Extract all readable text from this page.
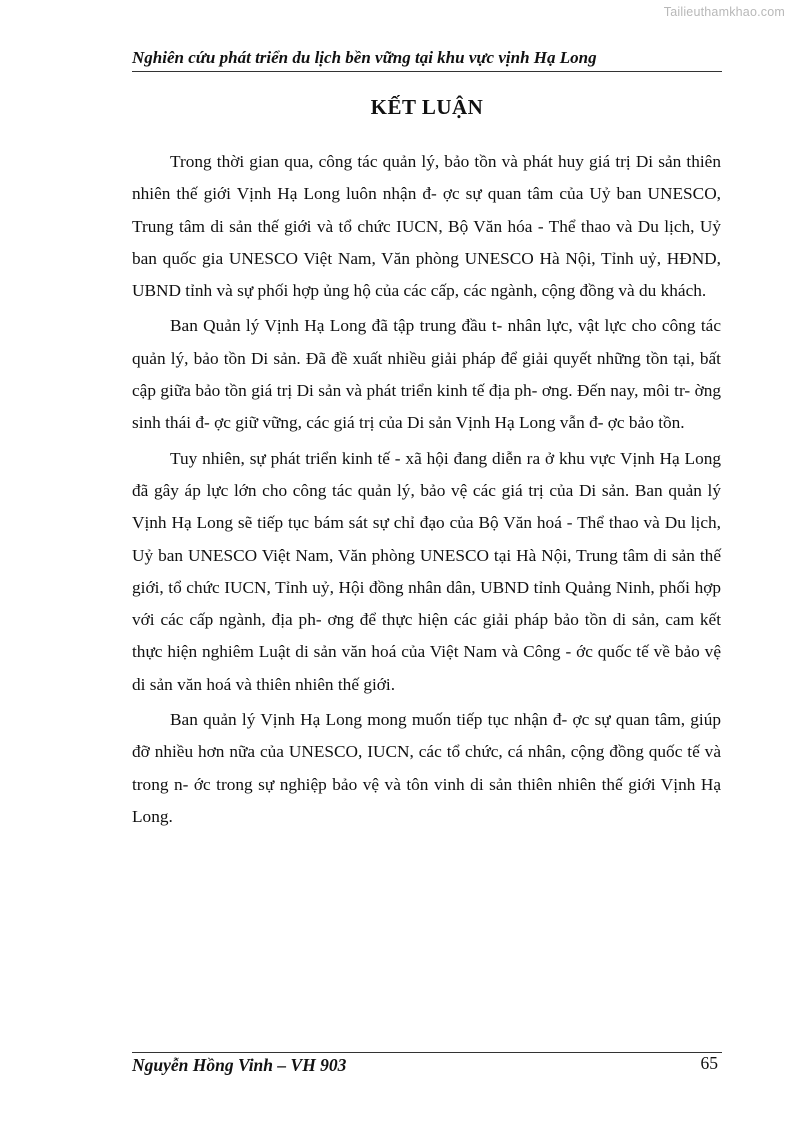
Tailieuthamkhao.com
Nghiên cứu phát triển du lịch bền vững tại khu vực vịnh Hạ Long
KẾT LUẬN

Trong thời gian qua, công tác quản lý, bảo tồn và phát huy giá trị Di sản thiên nhiên thế giới Vịnh Hạ Long luôn nhận đ- ợc sự quan tâm của Uỷ ban UNESCO, Trung tâm di sản thế giới và tổ chức IUCN, Bộ Văn hóa - Thể thao và Du lịch, Uỷ ban quốc gia UNESCO Việt Nam, Văn phòng UNESCO Hà Nội, Tỉnh uỷ, HĐND, UBND tỉnh và sự phối hợp ủng hộ của các cấp, các ngành, cộng đồng và du khách.

Ban Quản lý Vịnh Hạ Long đã tập trung đầu t- nhân lực, vật lực cho công tác quản lý, bảo tồn Di sản. Đã đề xuất nhiều giải pháp để giải quyết những tồn tại, bất cập giữa bảo tồn giá trị Di sản và phát triển kinh tế địa ph- ơng. Đến nay, môi tr- ờng sinh thái đ- ợc giữ vững, các giá trị của Di sản Vịnh Hạ Long vẫn đ- ợc bảo tồn.

Tuy nhiên, sự phát triển kinh tế - xã hội đang diễn ra ở khu vực Vịnh Hạ Long đã gây áp lực lớn cho công tác quản lý, bảo vệ các giá trị của Di sản. Ban quản lý Vịnh Hạ Long sẽ tiếp tục bám sát sự chỉ đạo của Bộ Văn hoá - Thể thao và Du lịch, Uỷ ban UNESCO Việt Nam, Văn phòng UNESCO tại Hà Nội, Trung tâm di sản thế giới, tổ chức IUCN, Tỉnh uỷ, Hội đồng nhân dân, UBND tỉnh Quảng Ninh, phối hợp với các cấp ngành, địa ph- ơng để thực hiện các giải pháp bảo tồn di sản, cam kết thực hiện nghiêm Luật di sản văn hoá của Việt Nam và Công - ớc quốc tế về bảo vệ di sản văn hoá và thiên nhiên thế giới.

Ban quản lý Vịnh Hạ Long mong muốn tiếp tục nhận đ- ợc sự quan tâm, giúp đỡ nhiều hơn nữa của UNESCO, IUCN, các tổ chức, cá nhân, cộng đồng quốc tế và trong n- ớc trong sự nghiệp bảo vệ và tôn vinh di sản thiên nhiên thế giới Vịnh Hạ Long.

Nguyễn Hồng Vinh – VH 903	65
